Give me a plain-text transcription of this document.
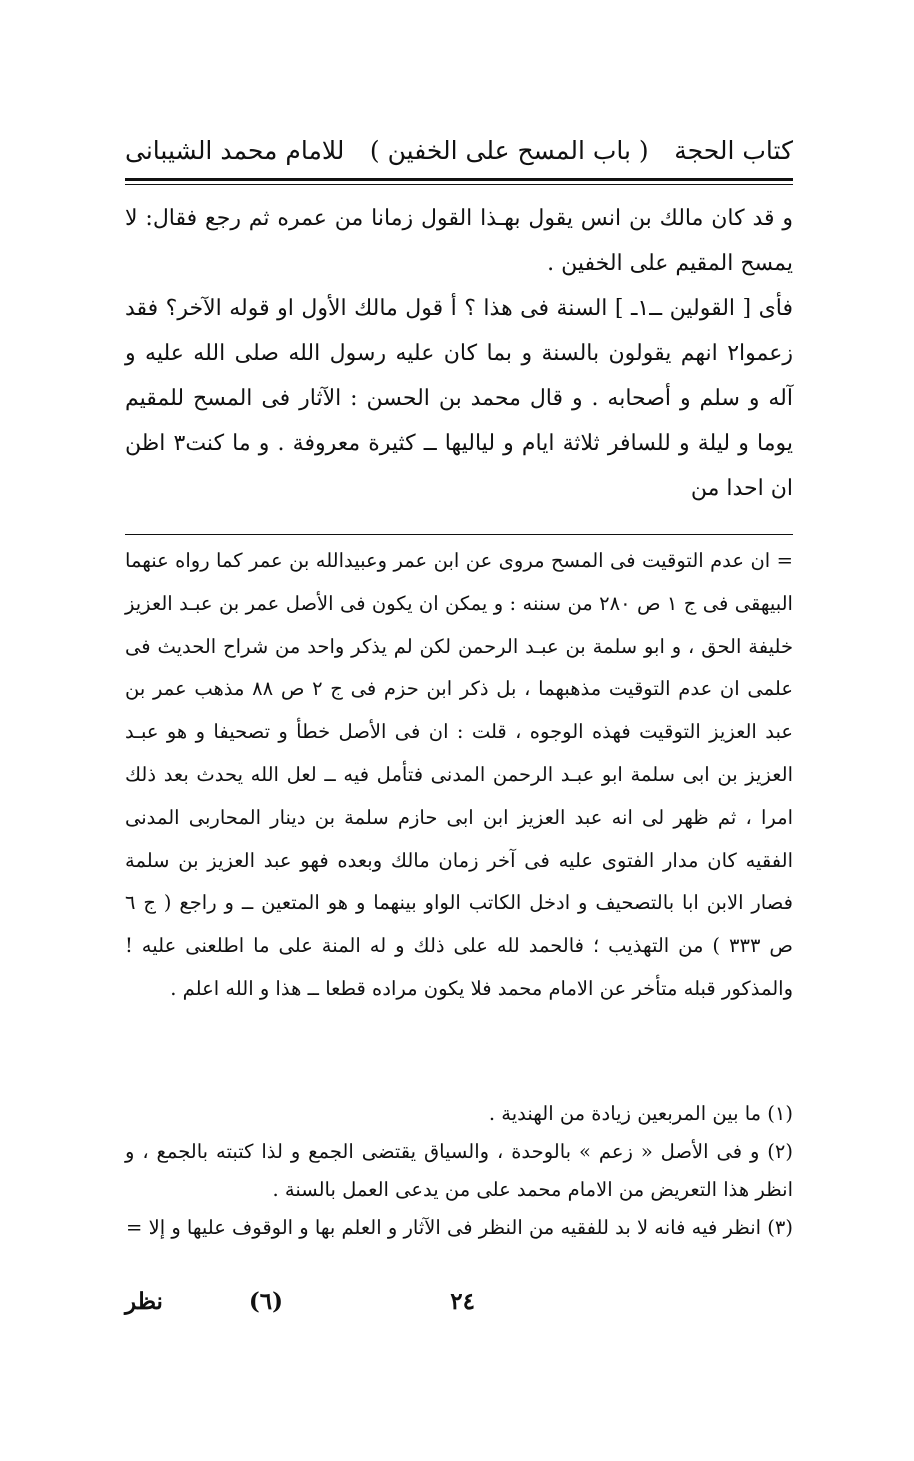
كتاب الحجة
( باب المسح على الخفين )
للامام محمد الشيبانى

و قد كان مالك بن انس يقول بهـذا القول زمانا من عمره ثم رجع فقال: لا يمسح المقيم على الخفين .

فأى [ القولين ــ١ـ ] السنة فى هذا ؟ أ قول مالك الأول او قوله الآخر؟ فقد زعموا٢ انهم يقولون بالسنة و بما كان عليه رسول الله صلى الله عليه و آله و سلم و أصحابه . و قال محمد بن الحسن : الآثار فى المسح للمقيم يوما و ليلة و للسافر ثلاثة ايام و لياليها ــ كثيرة معروفة . و ما كنت٣ اظن ان احدا من

= ان عدم التوقيت فى المسح مروى عن ابن عمر وعبيدالله بن عمر كما رواه عنهما البيهقى فى ج ١ ص ٢٨٠ من سننه : و يمكن ان يكون فى الأصل عمر بن عبـد العزيز خليفة الحق ، و ابو سلمة بن عبـد الرحمن لكن لم يذكر واحد من شراح الحديث فى علمى ان عدم التوقيت مذهبهما ، بل ذكر ابن حزم فى ج ٢ ص ٨٨ مذهب عمر بن عبد العزيز التوقيت فهذه الوجوه ، قلت : ان فى الأصل خطأ و تصحيفا و هو عبـد العزيز بن ابى سلمة ابو عبـد الرحمن المدنى فتأمل فيه ــ لعل الله يحدث بعد ذلك امرا ، ثم ظهر لى انه عبد العزيز ابن ابى حازم سلمة بن دينار المحاربى المدنى الفقيه كان مدار الفتوى عليه فى آخر زمان مالك وبعده فهو عبد العزيز بن سلمة فصار الابن ابا بالتصحيف و ادخل الكاتب الواو بينهما و هو المتعين ــ و راجع ( ج ٦ ص ٣٣٣ ) من التهذيب ؛ فالحمد لله على ذلك و له المنة على ما اطلعنى عليه ! والمذكور قبله متأخر عن الامام محمد فلا يكون مراده قطعا ــ هذا و الله اعلم .

(١) ما بين المربعين زيادة من الهندية .

(٢) و فى الأصل « زعم » بالوحدة ، والسياق يقتضى الجمع و لذا كتبته بالجمع ، و انظر هذا التعريض من الامام محمد على من يدعى العمل بالسنة .

(٣) انظر فيه فانه لا بد للفقيه من النظر فى الآثار و العلم بها و الوقوف عليها و إلا =

٢٤
(٦)
نظر
